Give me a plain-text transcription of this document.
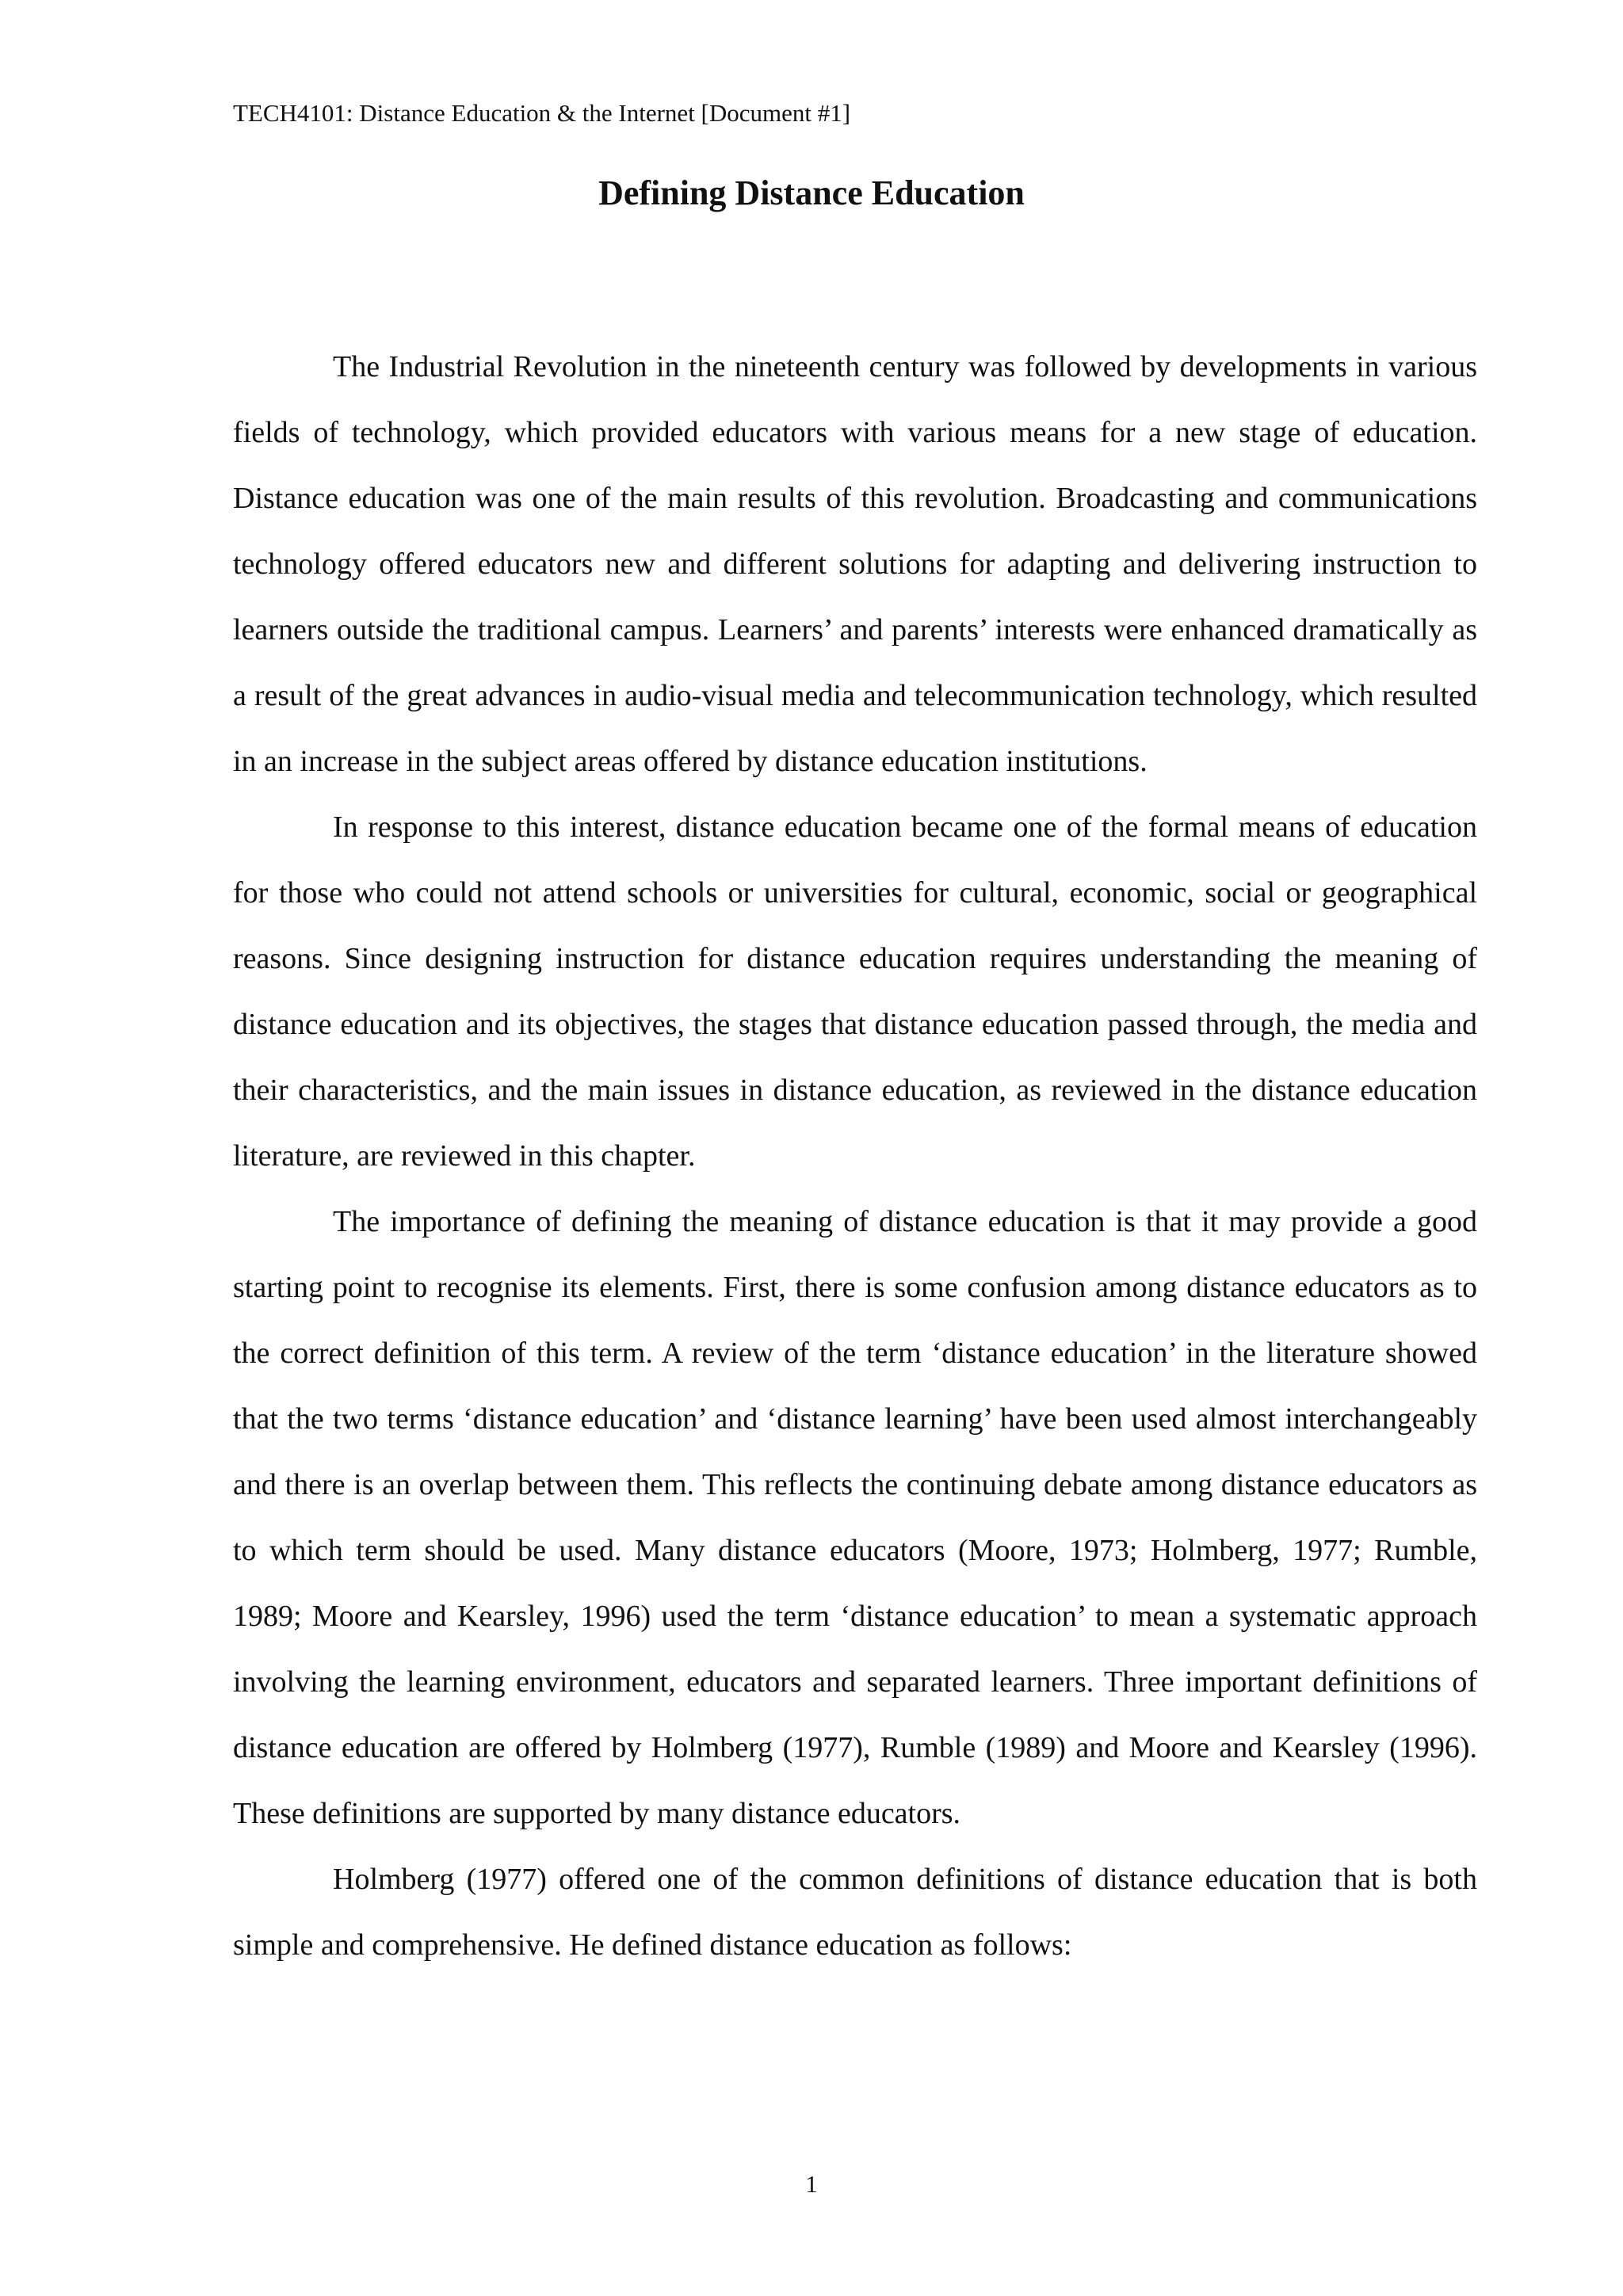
TECH4101: Distance Education & the Internet [Document #1]
Defining Distance Education

The Industrial Revolution in the nineteenth century was followed by developments in various fields of technology, which provided educators with various means for a new stage of education. Distance education was one of the main results of this revolution. Broadcasting and communications technology offered educators new and different solutions for adapting and delivering instruction to learners outside the traditional campus. Learners’ and parents’ interests were enhanced dramatically as a result of the great advances in audio-visual media and telecommunication technology, which resulted in an increase in the subject areas offered by distance education institutions.

In response to this interest, distance education became one of the formal means of education for those who could not attend schools or universities for cultural, economic, social or geographical reasons. Since designing instruction for distance education requires understanding the meaning of distance education and its objectives, the stages that distance education passed through, the media and their characteristics, and the main issues in distance education, as reviewed in the distance education literature, are reviewed in this chapter.

The importance of defining the meaning of distance education is that it may provide a good starting point to recognise its elements. First, there is some confusion among distance educators as to the correct definition of this term. A review of the term ‘distance education’ in the literature showed that the two terms ‘distance education’ and ‘distance learning’ have been used almost interchangeably and there is an overlap between them. This reflects the continuing debate among distance educators as to which term should be used. Many distance educators (Moore, 1973; Holmberg, 1977; Rumble, 1989; Moore and Kearsley, 1996) used the term ‘distance education’ to mean a systematic approach involving the learning environment, educators and separated learners. Three important definitions of distance education are offered by Holmberg (1977), Rumble (1989) and Moore and Kearsley (1996). These definitions are supported by many distance educators.

Holmberg (1977) offered one of the common definitions of distance education that is both simple and comprehensive. He defined distance education as follows:

1
